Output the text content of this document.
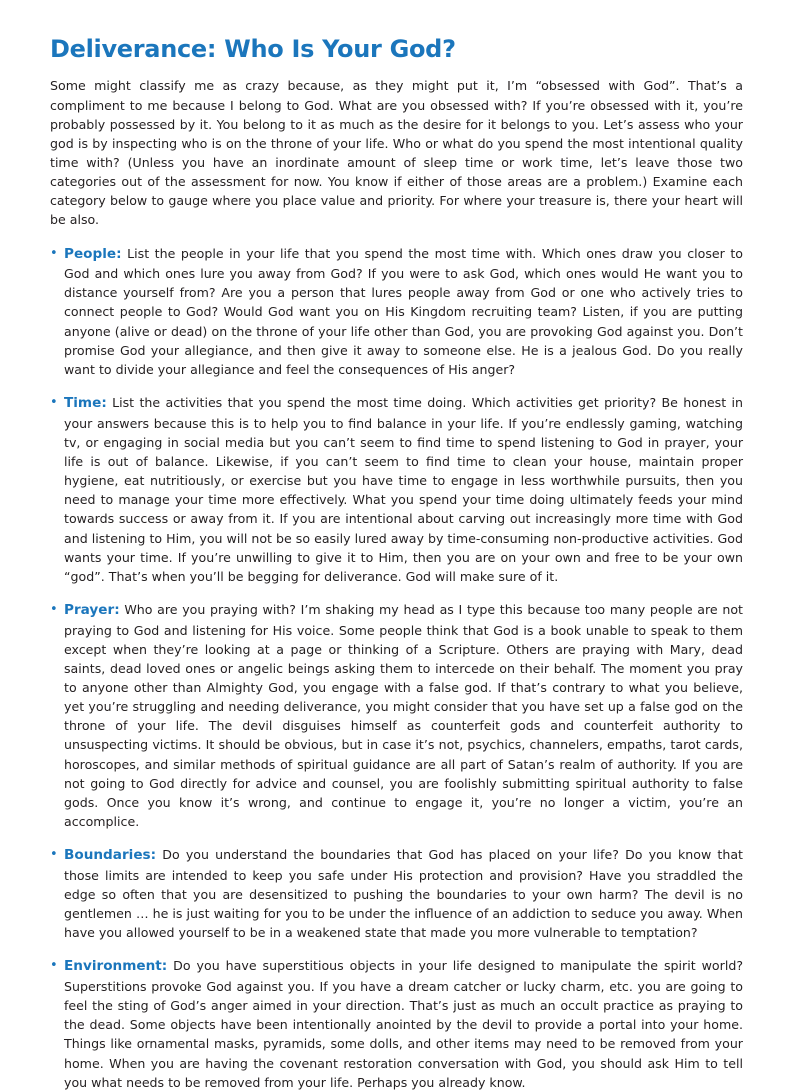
Deliverance: Who Is Your God?

Some might classify me as crazy because, as they might put it, I’m “obsessed with God”. That’s a compliment to me because I belong to God. What are you obsessed with? If you’re obsessed with it, you’re probably possessed by it. You belong to it as much as the desire for it belongs to you. Let’s assess who your god is by inspecting who is on the throne of your life. Who or what do you spend the most intentional quality time with? (Unless you have an inordinate amount of sleep time or work time, let’s leave those two categories out of the assessment for now. You know if either of those areas are a problem.) Examine each category below to gauge where you place value and priority. For where your treasure is, there your heart will be also.

• People: List the people in your life that you spend the most time with. Which ones draw you closer to God and which ones lure you away from God? If you were to ask God, which ones would He want you to distance yourself from? Are you a person that lures people away from God or one who actively tries to connect people to God? Would God want you on His Kingdom recruiting team? Listen, if you are putting anyone (alive or dead) on the throne of your life other than God, you are provoking God against you. Don’t promise God your allegiance, and then give it away to someone else. He is a jealous God. Do you really want to divide your allegiance and feel the consequences of His anger?
• Time: List the activities that you spend the most time doing. Which activities get priority? Be honest in your answers because this is to help you to find balance in your life. If you’re endlessly gaming, watching tv, or engaging in social media but you can’t seem to find time to spend listening to God in prayer, your life is out of balance. Likewise, if you can’t seem to find time to clean your house, maintain proper hygiene, eat nutritiously, or exercise but you have time to engage in less worthwhile pursuits, then you need to manage your time more effectively. What you spend your time doing ultimately feeds your mind towards success or away from it. If you are intentional about carving out increasingly more time with God and listening to Him, you will not be so easily lured away by time-consuming non-productive activities. God wants your time. If you’re unwilling to give it to Him, then you are on your own and free to be your own “god”. That’s when you’ll be begging for deliverance. God will make sure of it.
• Prayer: Who are you praying with? I’m shaking my head as I type this because too many people are not praying to God and listening for His voice. Some people think that God is a book unable to speak to them except when they’re looking at a page or thinking of a Scripture. Others are praying with Mary, dead saints, dead loved ones or angelic beings asking them to intercede on their behalf. The moment you pray to anyone other than Almighty God, you engage with a false god. If that’s contrary to what you believe, yet you’re struggling and needing deliverance, you might consider that you have set up a false god on the throne of your life. The devil disguises himself as counterfeit gods and counterfeit authority to unsuspecting victims. It should be obvious, but in case it’s not, psychics, channelers, empaths, tarot cards, horoscopes, and similar methods of spiritual guidance are all part of Satan’s realm of authority. If you are not going to God directly for advice and counsel, you are foolishly submitting spiritual authority to false gods. Once you know it’s wrong, and continue to engage it, you’re no longer a victim, you’re an accomplice.
• Boundaries: Do you understand the boundaries that God has placed on your life? Do you know that those limits are intended to keep you safe under His protection and provision? Have you straddled the edge so often that you are desensitized to pushing the boundaries to your own harm? The devil is no gentlemen … he is just waiting for you to be under the influence of an addiction to seduce you away. When have you allowed yourself to be in a weakened state that made you more vulnerable to temptation?
• Environment: Do you have superstitious objects in your life designed to manipulate the spirit world? Superstitions provoke God against you. If you have a dream catcher or lucky charm, etc. you are going to feel the sting of God’s anger aimed in your direction. That’s just as much an occult practice as praying to the dead. Some objects have been intentionally anointed by the devil to provide a portal into your home. Things like ornamental masks, pyramids, some dolls, and other items may need to be removed from your home. When you are having the covenant restoration conversation with God, you should ask Him to tell you what needs to be removed from your life. Perhaps you already know.
